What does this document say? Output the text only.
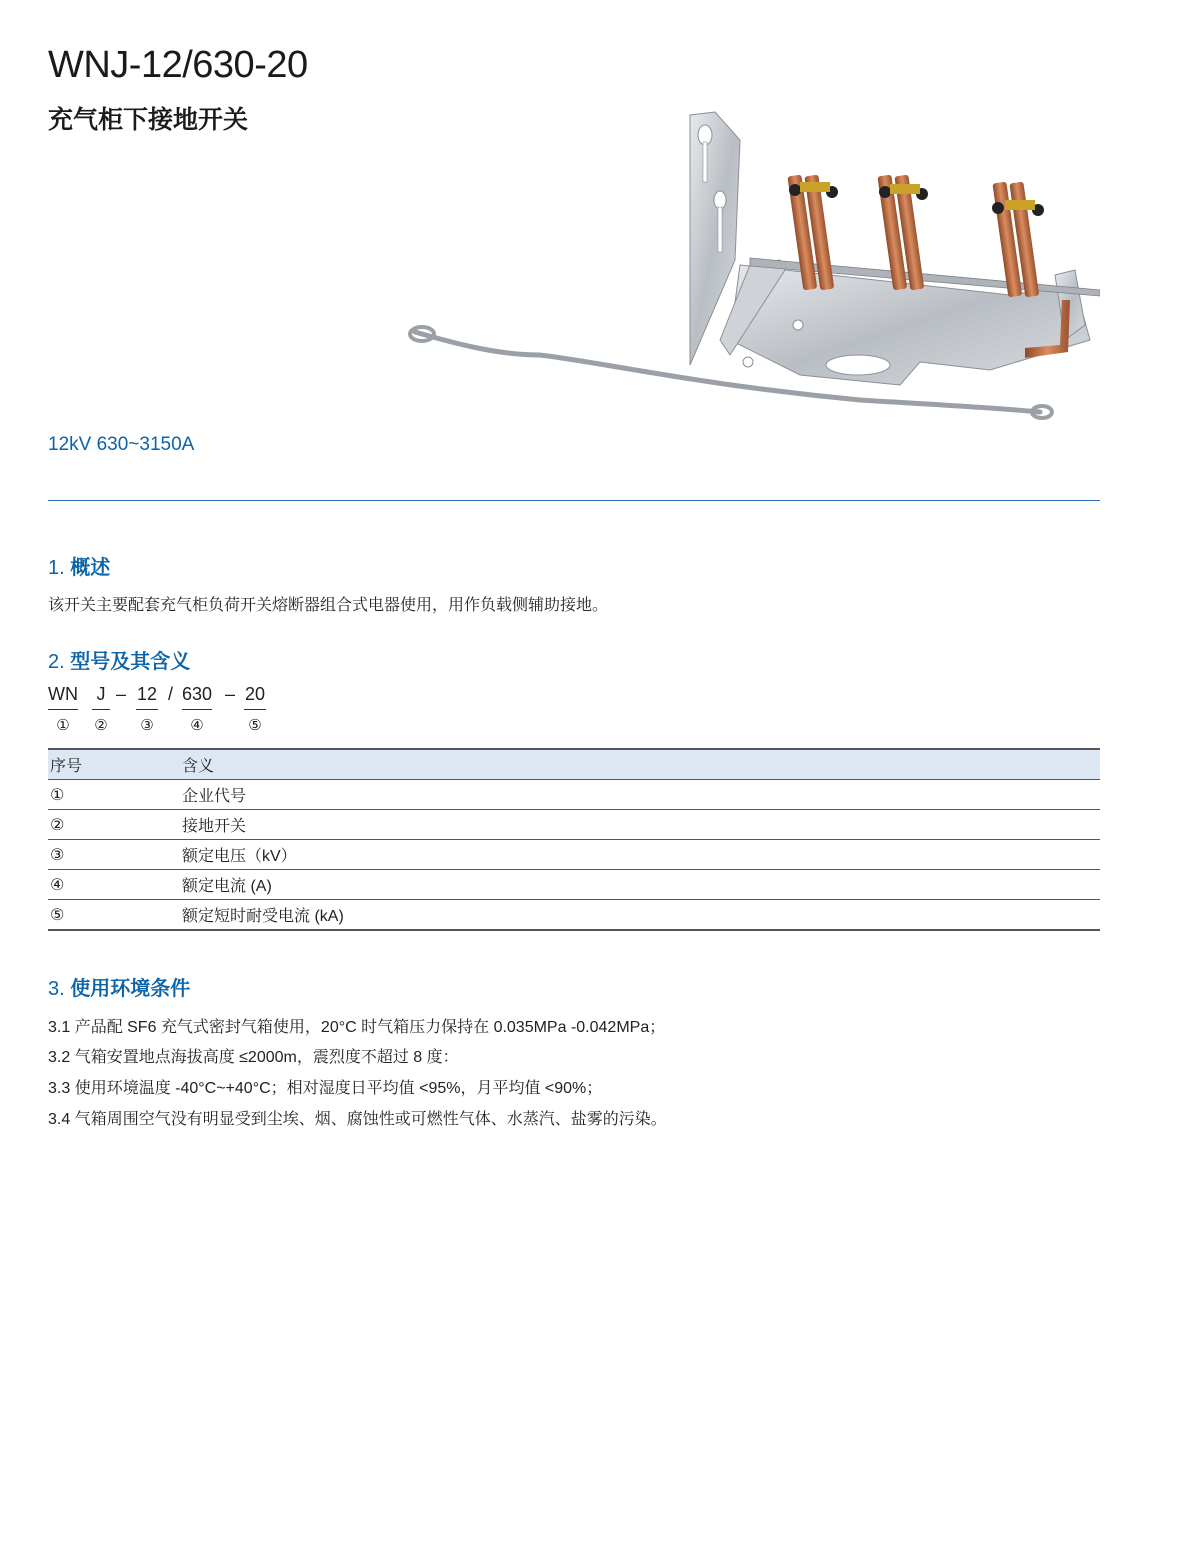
WNJ-12/630-20
充气柜下接地开关
12kV 630~3150A
1. 概述
该开关主要配套充气柜负荷开关熔断器组合式电器使用，用作负载侧辅助接地。
2. 型号及其含义
WN
①
J
②
– 12
③
/ 630
④
– 20
⑤
序号	含义
①	企业代号
②	接地开关
③	额定电压（kV）
④	额定电流 (A)
⑤	额定短时耐受电流 (kA)
3. 使用环境条件
3.1 产品配 SF6 充气式密封气箱使用，20°C 时气箱压力保持在 0.035MPa -0.042MPa；
3.2 气箱安置地点海拔高度 ≤2000m，震烈度不超过 8 度：
3.3 使用环境温度 -40°C~+40°C；相对湿度日平均值 <95%，月平均值 <90%；
3.4 气箱周围空气没有明显受到尘埃、烟、腐蚀性或可燃性气体、水蒸汽、盐雾的污染。
